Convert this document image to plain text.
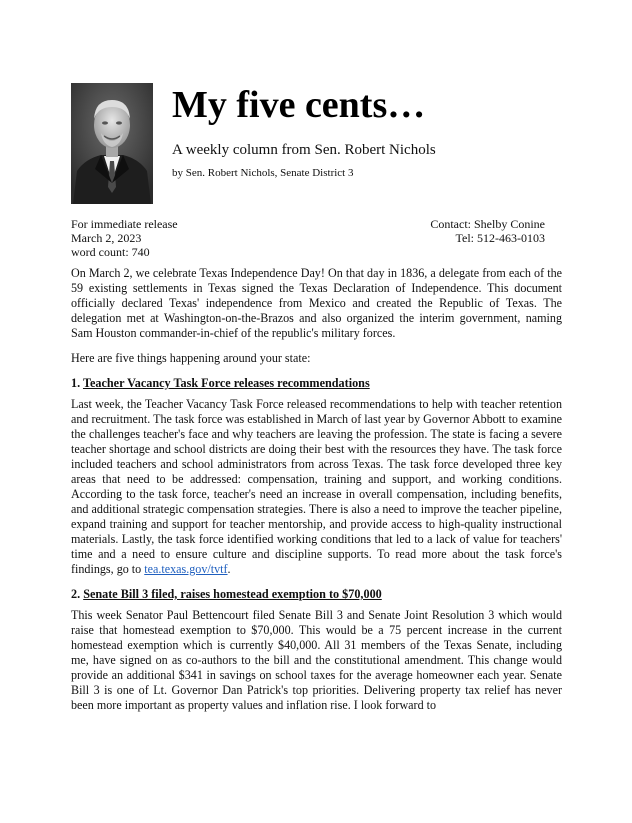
My five cents…
A weekly column from Sen. Robert Nichols
by Sen. Robert Nichols, Senate District 3
For immediate release
March 2, 2023
word count: 740
Contact: Shelby Conine
Tel: 512-463-0103

On March 2, we celebrate Texas Independence Day! On that day in 1836, a delegate from each of the 59 existing settlements in Texas signed the Texas Declaration of Independence. This document officially declared Texas' independence from Mexico and created the Republic of Texas. The delegation met at Washington-on-the-Brazos and also organized the interim government, naming Sam Houston commander-in-chief of the republic's military forces.

Here are five things happening around your state:

1. Teacher Vacancy Task Force releases recommendations

Last week, the Teacher Vacancy Task Force released recommendations to help with teacher retention and recruitment. The task force was established in March of last year by Governor Abbott to examine the challenges teacher's face and why teachers are leaving the profession. The state is facing a severe teacher shortage and school districts are doing their best with the resources they have. The task force included teachers and school administrators from across Texas. The task force developed three key areas that need to be addressed: compensation, training and support, and working conditions. According to the task force, teacher's need an increase in overall compensation, including benefits, and additional strategic compensation strategies. There is also a need to improve the teacher pipeline, expand training and support for teacher mentorship, and provide access to high-quality instructional materials. Lastly, the task force identified working conditions that led to a lack of value for teachers' time and a need to ensure culture and discipline supports. To read more about the task force's findings, go to tea.texas.gov/tvtf.

2. Senate Bill 3 filed, raises homestead exemption to $70,000

This week Senator Paul Bettencourt filed Senate Bill 3 and Senate Joint Resolution 3 which would raise that homestead exemption to $70,000. This would be a 75 percent increase in the current homestead exemption which is currently $40,000. All 31 members of the Texas Senate, including me, have signed on as co-authors to the bill and the constitutional amendment. This change would provide an additional $341 in savings on school taxes for the average homeowner each year. Senate Bill 3 is one of Lt. Governor Dan Patrick's top priorities. Delivering property tax relief has never been more important as property values and inflation rise. I look forward to
